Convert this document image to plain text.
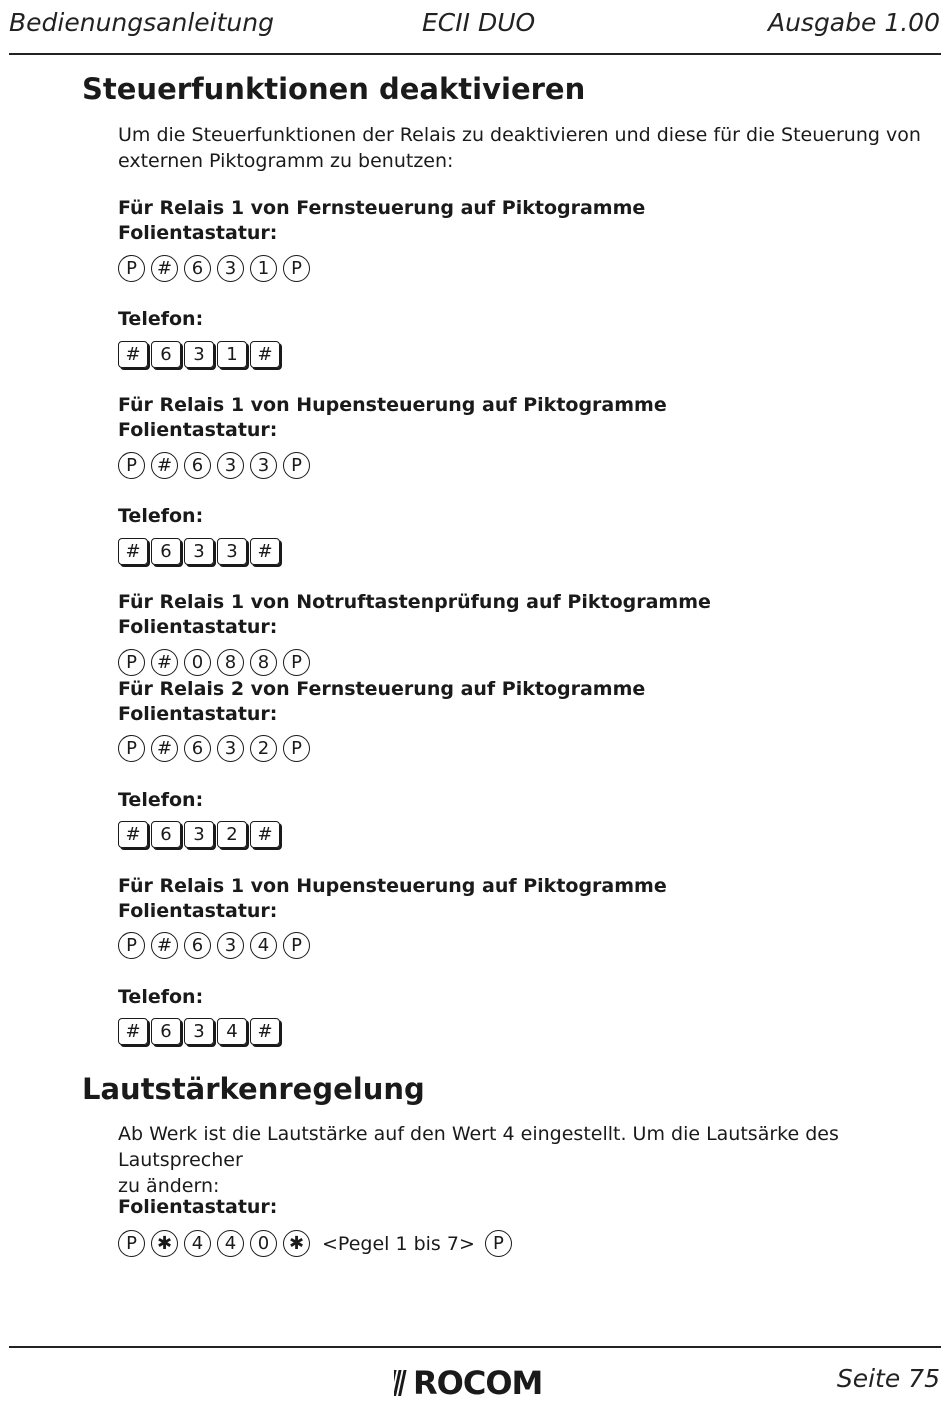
Bedienungsanleitung	ECII DUO	Ausgabe 1.00
Steuerfunktionen deaktivieren
Um die Steuerfunktionen der Relais zu deaktivieren und diese für die Steuerung von
externen Piktogramm zu benutzen:
Für Relais 1 von Fernsteuerung auf Piktogramme
Folientastatur:
P	#	6	3	1	P
Telefon:
#	6	3	1	#
Für Relais 1 von Hupensteuerung auf Piktogramme
Folientastatur:
P	#	6	3	3	P
Telefon:
#	6	3	3	#
Für Relais 1 von Notruftastenprüfung auf Piktogramme
Folientastatur:
P	#	0	8	8	P
Für Relais 2 von Fernsteuerung auf Piktogramme
Folientastatur:
P	#	6	3	2	P
Telefon:
#	6	3	2	#
Für Relais 1 von Hupensteuerung auf Piktogramme
Folientastatur:
P	#	6	3	4	P
Telefon:
#	6	3	4	#
Lautstärkenregelung
Ab Werk ist die Lautstärke auf den Wert 4 eingestellt. Um die Lautsärke des Lautsprecher
zu ändern:
Folientastatur:
P	✱	4	4	0	✱ <Pegel 1 bis 7>	P
ROCOM	Seite 75
